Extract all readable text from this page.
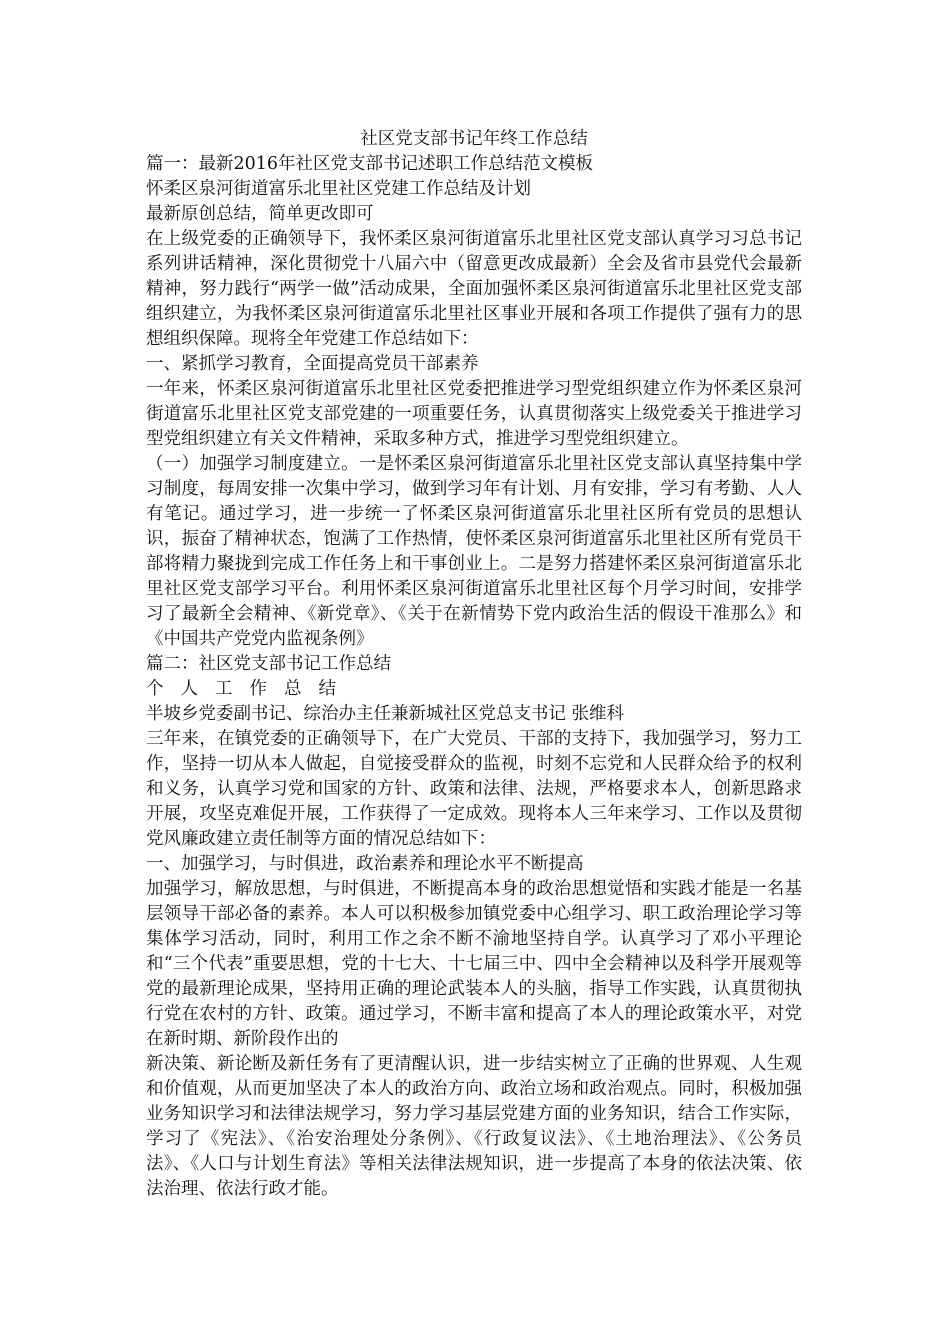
社区党支部书记年终工作总结

篇一：最新2016年社区党支部书记述职工作总结范文模板

怀柔区泉河街道富乐北里社区党建工作总结及计划

最新原创总结，简单更改即可

在上级党委的正确领导下，我怀柔区泉河街道富乐北里社区党支部认真学习习总书记系列讲话精神，深化贯彻党十八届六中（留意更改成最新）全会及省市县党代会最新精神，努力践行“两学一做”活动成果，全面加强怀柔区泉河街道富乐北里社区党支部组织建立，为我怀柔区泉河街道富乐北里社区事业开展和各项工作提供了强有力的思想组织保障。现将全年党建工作总结如下：

一、紧抓学习教育，全面提高党员干部素养

一年来，怀柔区泉河街道富乐北里社区党委把推进学习型党组织建立作为怀柔区泉河街道富乐北里社区党支部党建的一项重要任务，认真贯彻落实上级党委关于推进学习型党组织建立有关文件精神，采取多种方式，推进学习型党组织建立。

（一）加强学习制度建立。一是怀柔区泉河街道富乐北里社区党支部认真坚持集中学习制度，每周安排一次集中学习，做到学习年有计划、月有安排，学习有考勤、人人有笔记。通过学习，进一步统一了怀柔区泉河街道富乐北里社区所有党员的思想认识，振奋了精神状态，饱满了工作热情，使怀柔区泉河街道富乐北里社区所有党员干部将精力聚拢到完成工作任务上和干事创业上。二是努力搭建怀柔区泉河街道富乐北里社区党支部学习平台。利用怀柔区泉河街道富乐北里社区每个月学习时间，安排学习了最新全会精神、《新党章》、《关于在新情势下党内政治生活的假设干准那么》和《中国共产党党内监视条例》

篇二：社区党支部书记工作总结

个人工作总结

半坡乡党委副书记、综治办主任兼新城社区党总支书记 张维科

三年来，在镇党委的正确领导下，在广大党员、干部的支持下，我加强学习，努力工作，坚持一切从本人做起，自觉接受群众的监视，时刻不忘党和人民群众给予的权利和义务，认真学习党和国家的方针、政策和法律、法规，严格要求本人，创新思路求开展，攻坚克难促开展，工作获得了一定成效。现将本人三年来学习、工作以及贯彻党风廉政建立责任制等方面的情况总结如下：

一、加强学习，与时俱进，政治素养和理论水平不断提高

加强学习，解放思想，与时俱进，不断提高本身的政治思想觉悟和实践才能是一名基层领导干部必备的素养。本人可以积极参加镇党委中心组学习、职工政治理论学习等集体学习活动，同时，利用工作之余不断不渝地坚持自学。认真学习了邓小平理论和“三个代表”重要思想，党的十七大、十七届三中、四中全会精神以及科学开展观等党的最新理论成果，坚持用正确的理论武装本人的头脑，指导工作实践，认真贯彻执行党在农村的方针、政策。通过学习，不断丰富和提高了本人的理论政策水平，对党在新时期、新阶段作出的

新决策、新论断及新任务有了更清醒认识，进一步结实树立了正确的世界观、人生观和价值观，从而更加坚决了本人的政治方向、政治立场和政治观点。同时，积极加强业务知识学习和法律法规学习，努力学习基层党建方面的业务知识，结合工作实际，学习了《宪法》、《治安治理处分条例》、《行政复议法》、《土地治理法》、《公务员法》、《人口与计划生育法》等相关法律法规知识，进一步提高了本身的依法决策、依法治理、依法行政才能。
